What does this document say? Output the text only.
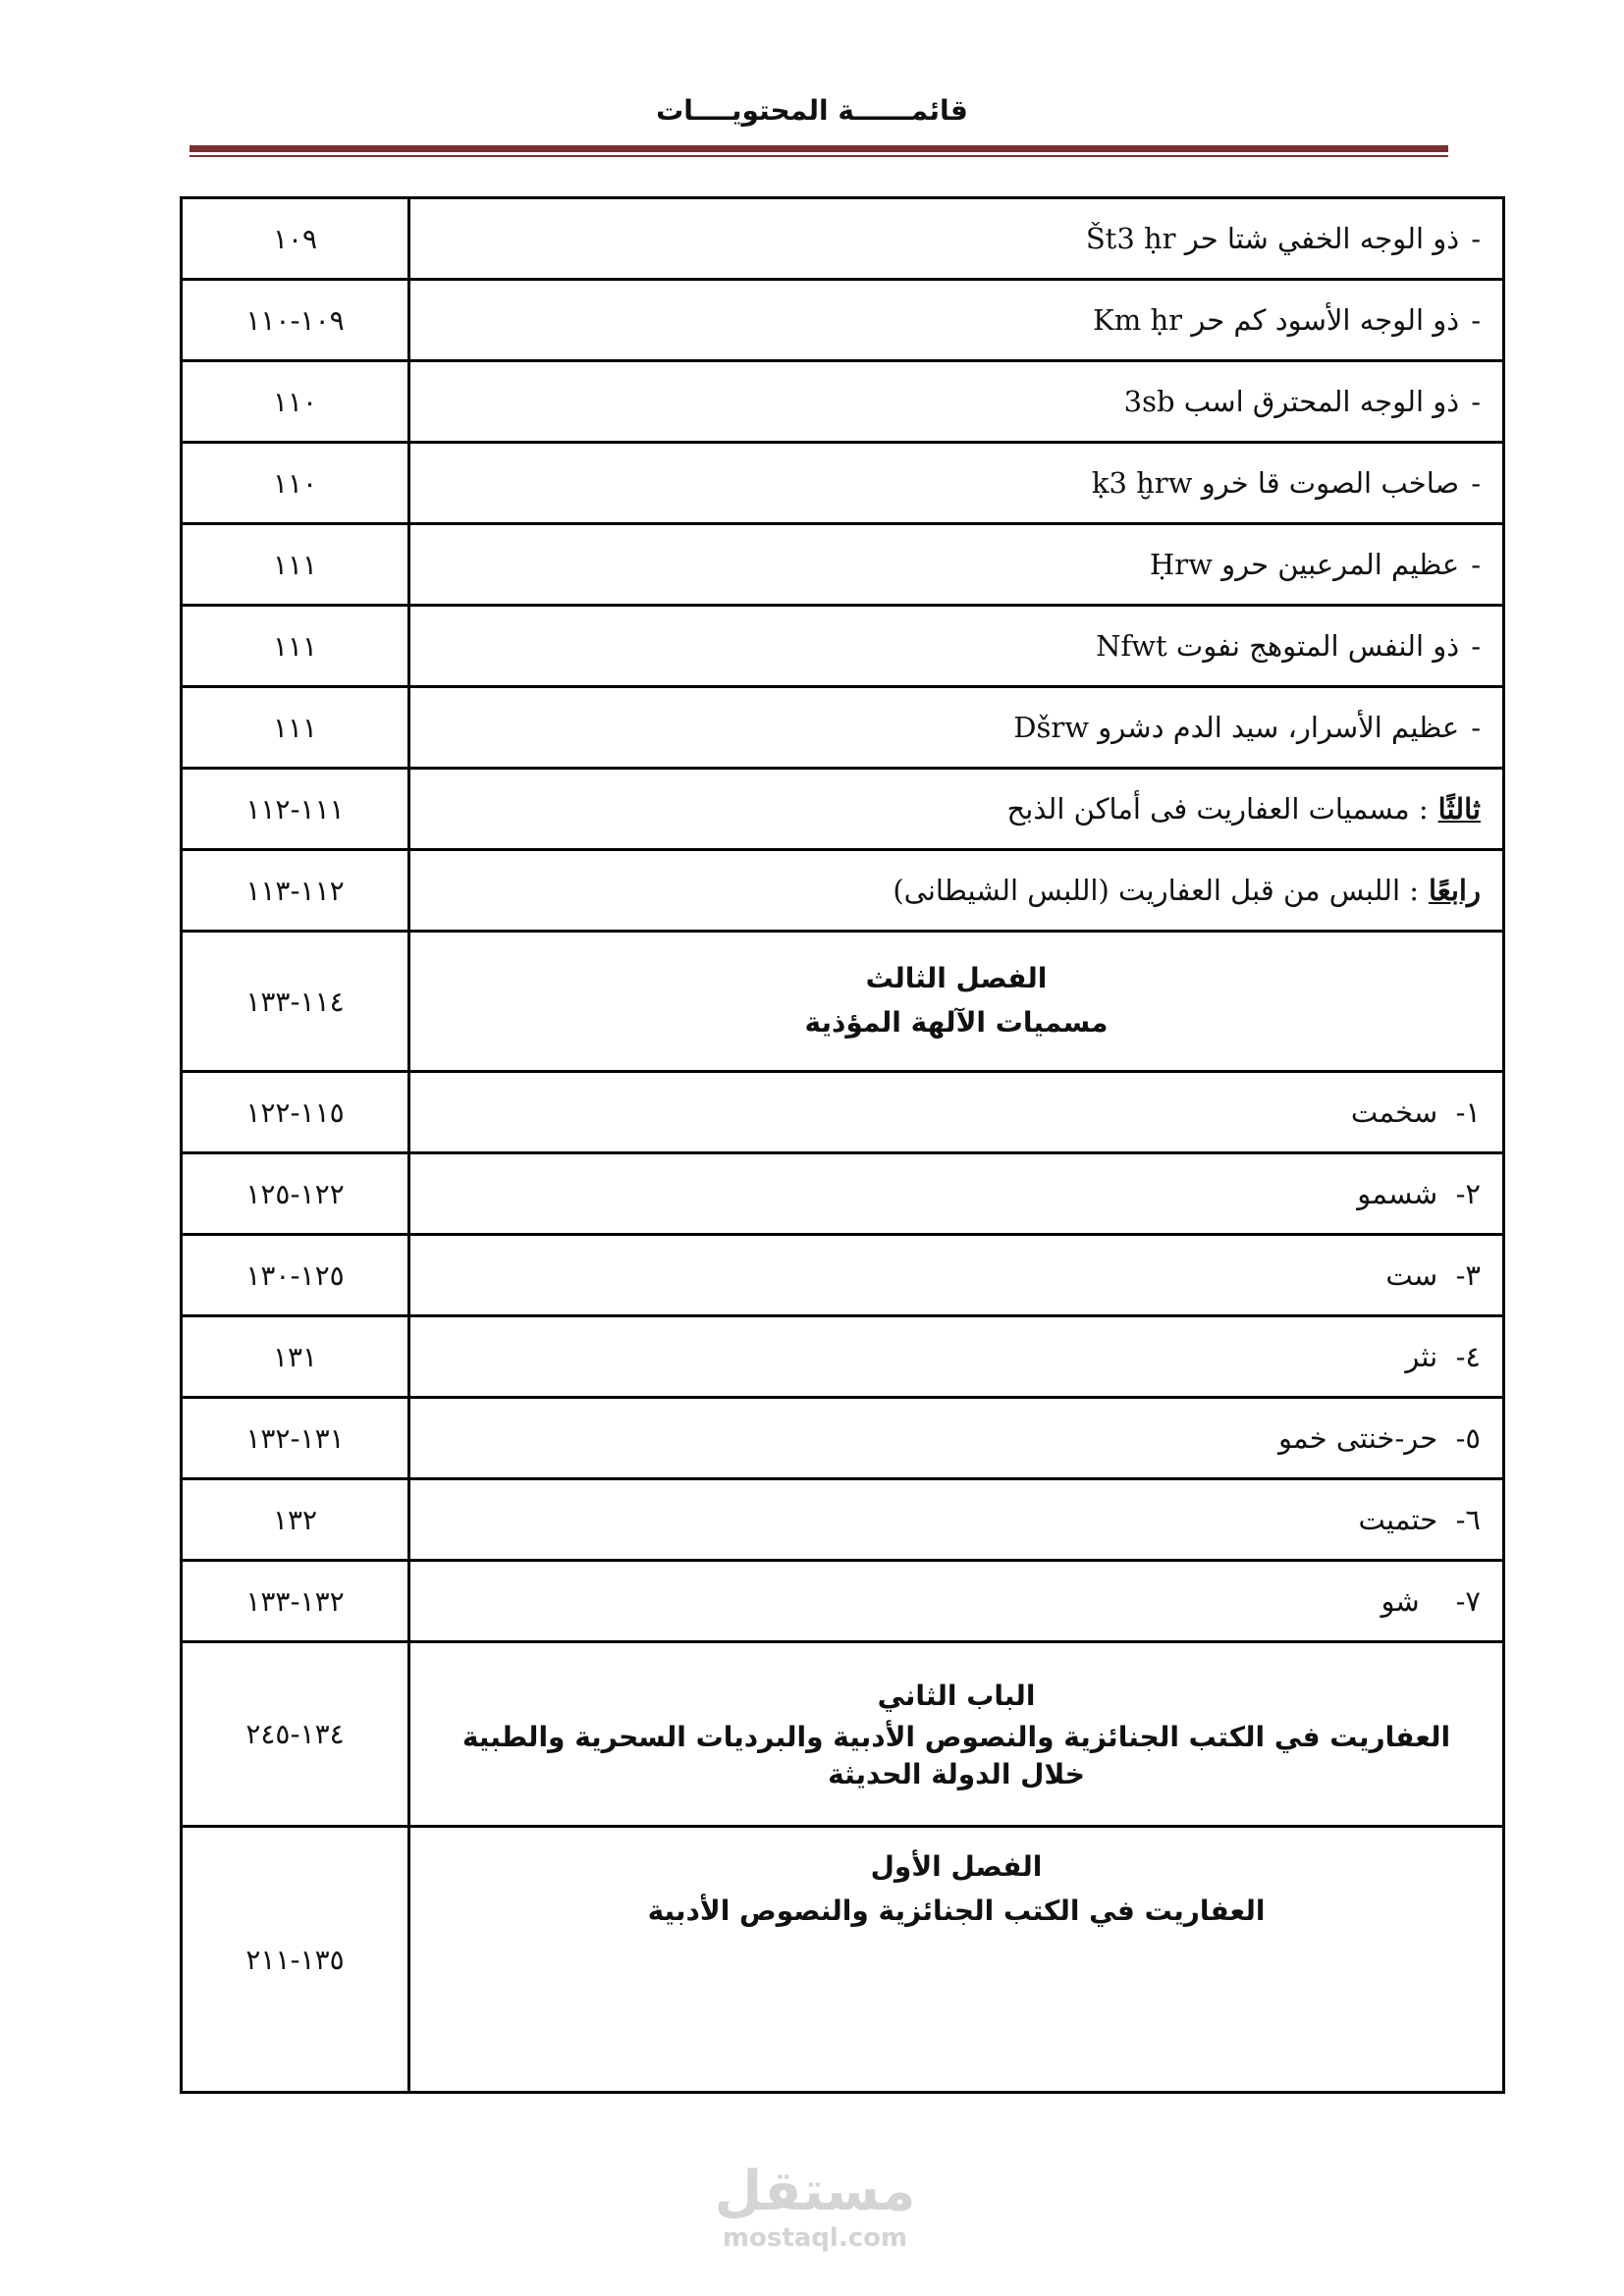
قائمــــــة المحتويــــات
-ذو الوجه الخفي شتا حر Št3 ḥr
١٠٩
-ذو الوجه الأسود كم حر Km ḥr
١٠٩-١١٠
-ذو الوجه المحترق اسب 3sb
١١٠
-صاخب الصوت قا خرو ḳ3 ḫrw
١١٠
-عظيم المرعبين حرو Ḥrw
١١١
-ذو النفس المتوهج نفوت Nfwt
١١١
-عظيم الأسرار، سيد الدم دشرو Dšrw
١١١
ثالثًا: مسميات العفاريت فى أماكن الذبح
١١١-١١٢
رابعًا: اللبس من قبل العفاريت (اللبس الشيطانى)
١١٢-١١٣
الفصل الثالث
مسميات الآلهة المؤذية
١١٤-١٣٣
١-  سخمت
١١٥-١٢٢
٢-  شسمو
١٢٢-١٢٥
٣-  ست
١٢٥-١٣٠
٤-  نثر
١٣١
٥-  حر-خنتى خمو
١٣١-١٣٢
٦-  حتميت
١٣٢
٧-    شو
١٣٢-١٣٣
الباب الثاني
العفاريت في الكتب الجنائزية والنصوص الأدبية والبرديات السحرية والطبية خلال الدولة الحديثة
١٣٤-٢٤٥
الفصل الأول
العفاريت في الكتب الجنائزية والنصوص الأدبية
١٣٥-٢١١
مستقل
mostaql.com
